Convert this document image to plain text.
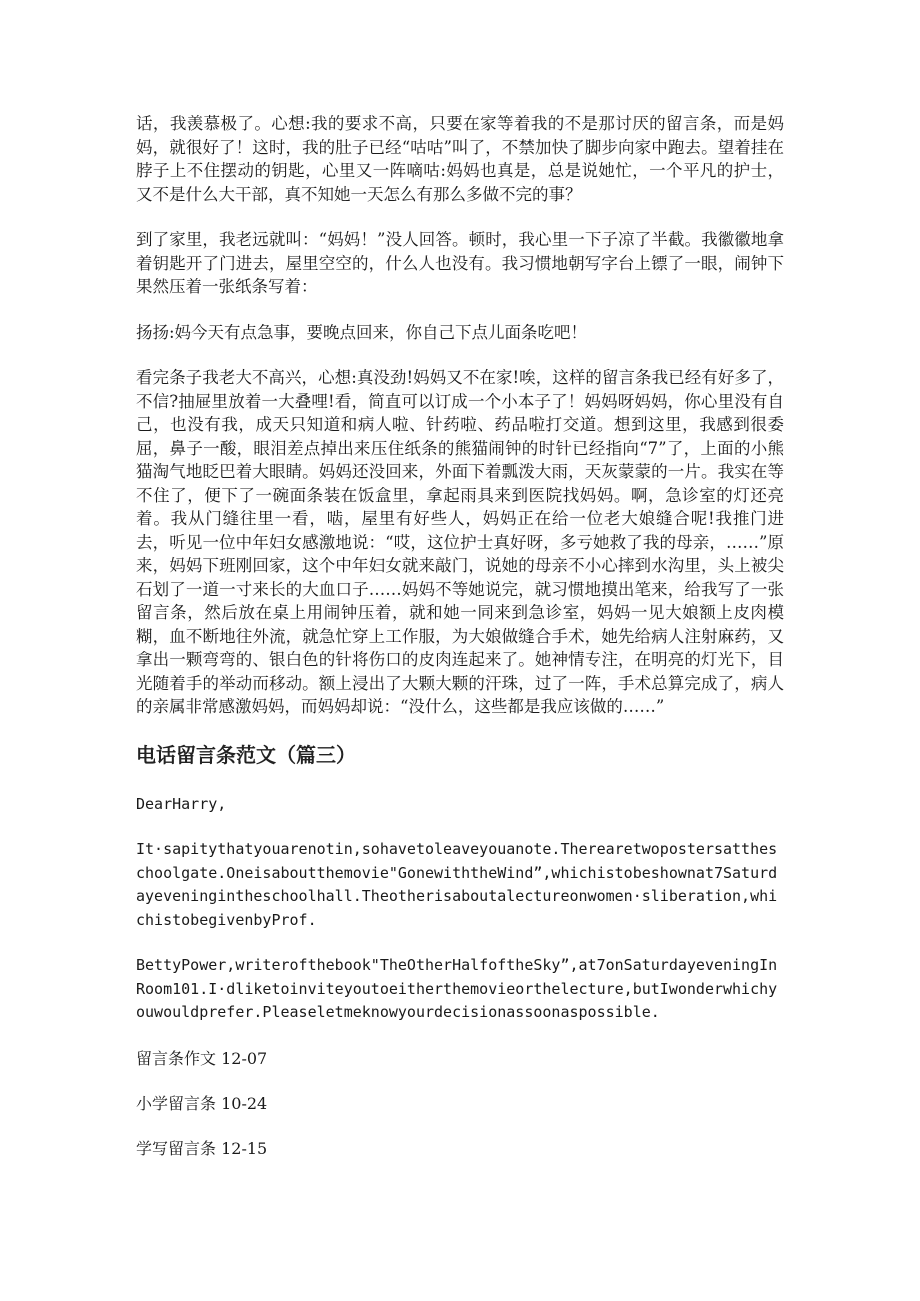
话，我羡慕极了。心想:我的要求不高，只要在家等着我的不是那讨厌的留言条，而是妈妈，就很好了！这时，我的肚子已经“咕咕”叫了，不禁加快了脚步向家中跑去。望着挂在脖子上不住摆动的钥匙，心里又一阵嘀咕:妈妈也真是，总是说她忙，一个平凡的护士，又不是什么大干部，真不知她一天怎么有那么多做不完的事？

到了家里，我老远就叫：“妈妈！”没人回答。顿时，我心里一下子凉了半截。我徽徽地拿着钥匙开了门进去，屋里空空的，什么人也没有。我习惯地朝写字台上镖了一眼，闹钟下果然压着一张纸条写着：

扬扬:妈今天有点急事，要晚点回来，你自己下点儿面条吃吧！

看完条子我老大不高兴，心想:真没劲!妈妈又不在家!唉，这样的留言条我已经有好多了，不信?抽屉里放着一大叠哩!看，简直可以订成一个小本子了！妈妈呀妈妈，你心里没有自己，也没有我，成天只知道和病人啦、针药啦、药品啦打交道。想到这里，我感到很委屈，鼻子一酸，眼泪差点掉出来压住纸条的熊猫闹钟的时针已经指向“7”了，上面的小熊猫淘气地眨巴着大眼睛。妈妈还没回来，外面下着瓢泼大雨，天灰蒙蒙的一片。我实在等不住了，便下了一碗面条装在饭盒里，拿起雨具来到医院找妈妈。啊，急诊室的灯还亮着。我从门缝往里一看，啮，屋里有好些人，妈妈正在给一位老大娘缝合呢!我推门进去，听见一位中年妇女感激地说：“哎，这位护士真好呀，多亏她救了我的母亲，……”原来，妈妈下班刚回家，这个中年妇女就来敲门，说她的母亲不小心摔到水沟里，头上被尖石划了一道一寸来长的大血口子……妈妈不等她说完，就习惯地摸出笔来，给我写了一张留言条，然后放在桌上用闹钟压着，就和她一同来到急诊室，妈妈一见大娘额上皮肉模糊，血不断地往外流，就急忙穿上工作服，为大娘做缝合手术，她先给病人注射麻药，又拿出一颗弯弯的、银白色的针将伤口的皮肉连起来了。她神情专注，在明亮的灯光下，目光随着手的举动而移动。额上浸出了大颗大颗的汗珠，过了一阵，手术总算完成了，病人的亲属非常感激妈妈，而妈妈却说：“没什么，这些都是我应该做的……”

电话留言条范文（篇三）

DearHarry,

It·sapitythatyouarenotin,sohavetoleaveyouanote.Therearetwopostersattheschoolgate.Oneisaboutthemovie"GonewiththeWind”,whichistobeshownat7Saturdayeveningintheschoolhall.Theotherisaboutalectureonwomen·sliberation,whichistobegivenbyProf.

BettyPower,writerofthebook"TheOtherHalfoftheSky”,at7onSaturdayeveningInRoom101.I·dliketoinviteyoutoeitherthemovieorthelecture,butIwonderwhichyouwouldprefer.Pleaseletmeknowyourdecisionassoonaspossible.

留言条作文 12-07

小学留言条 10-24

学写留言条 12-15
